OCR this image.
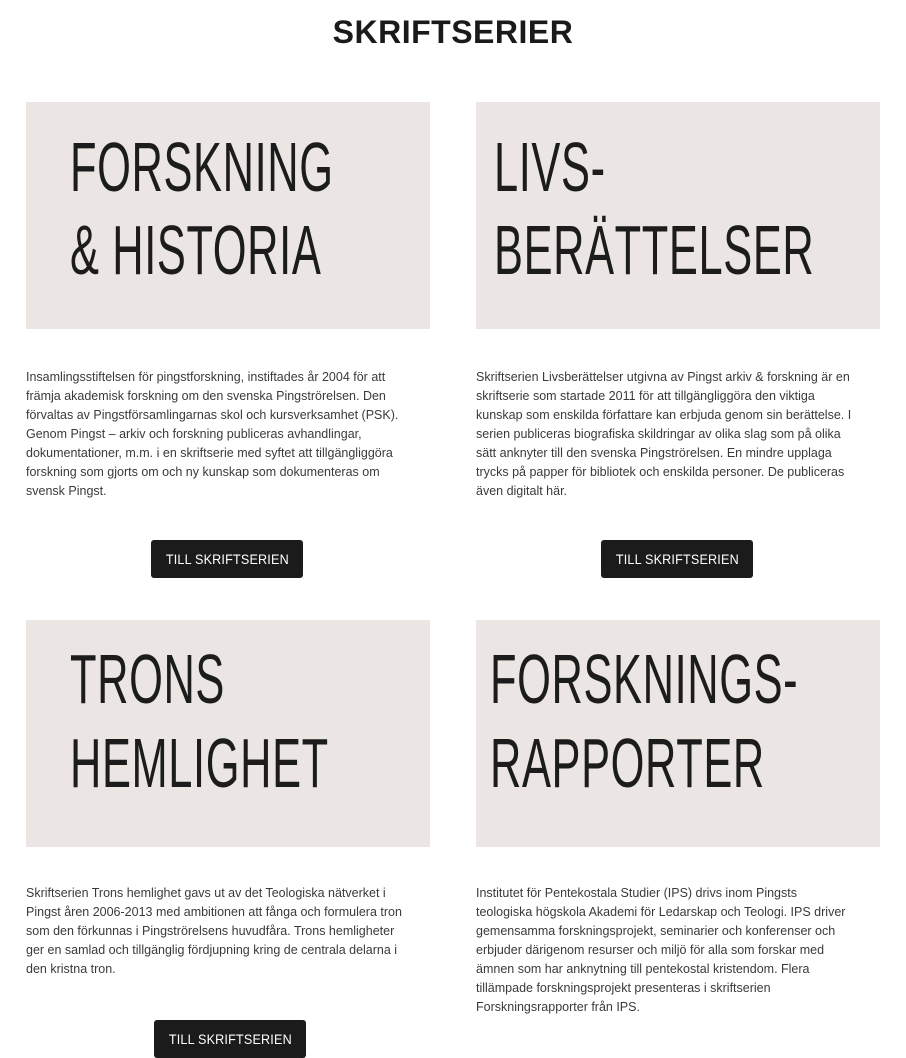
SKRIFTSERIER
FORSKNING
& HISTORIA

Insamlingsstiftelsen för pingstforskning, instiftades år 2004 för att främja akademisk forskning om den svenska Pingströrelsen. Den förvaltas av Pingstförsamlingarnas skol och kursverksamhet (PSK). Genom Pingst – arkiv och forskning publiceras avhandlingar, dokumentationer, m.m. i en skriftserie med syftet att tillgängliggöra forskning som gjorts om och ny kunskap som dokumenteras om svensk Pingst.

TILL SKRIFTSERIEN
LIVS-
BERÄTTELSER

Skriftserien Livsberättelser utgivna av Pingst arkiv & forskning är en skriftserie som startade 2011 för att tillgängliggöra den viktiga kunskap som enskilda författare kan erbjuda genom sin berättelse. I serien publiceras biografiska skildringar av olika slag som på olika sätt anknyter till den svenska Pingströrelsen. En mindre upplaga trycks på papper för bibliotek och enskilda personer. De publiceras även digitalt här.

TILL SKRIFTSERIEN
TRONS
HEMLIGHET

Skriftserien Trons hemlighet gavs ut av det Teologiska nätverket i Pingst åren 2006-2013 med ambitionen att fånga och formulera tron som den förkunnas i Pingströrelsens huvudfåra. Trons hemligheter ger en samlad och tillgänglig fördjupning kring de centrala delarna i den kristna tron.

TILL SKRIFTSERIEN
FORSKNINGS-
RAPPORTER

Institutet för Pentekostala Studier (IPS) drivs inom Pingsts teologiska högskola Akademi för Ledarskap och Teologi. IPS driver gemensamma forskningsprojekt, seminarier och konferenser och erbjuder därigenom resurser och miljö för alla som forskar med ämnen som har anknytning till pentekostal kristendom. Flera tillämpade forskningsprojekt presenteras i skriftserien Forskningsrapporter från IPS.
